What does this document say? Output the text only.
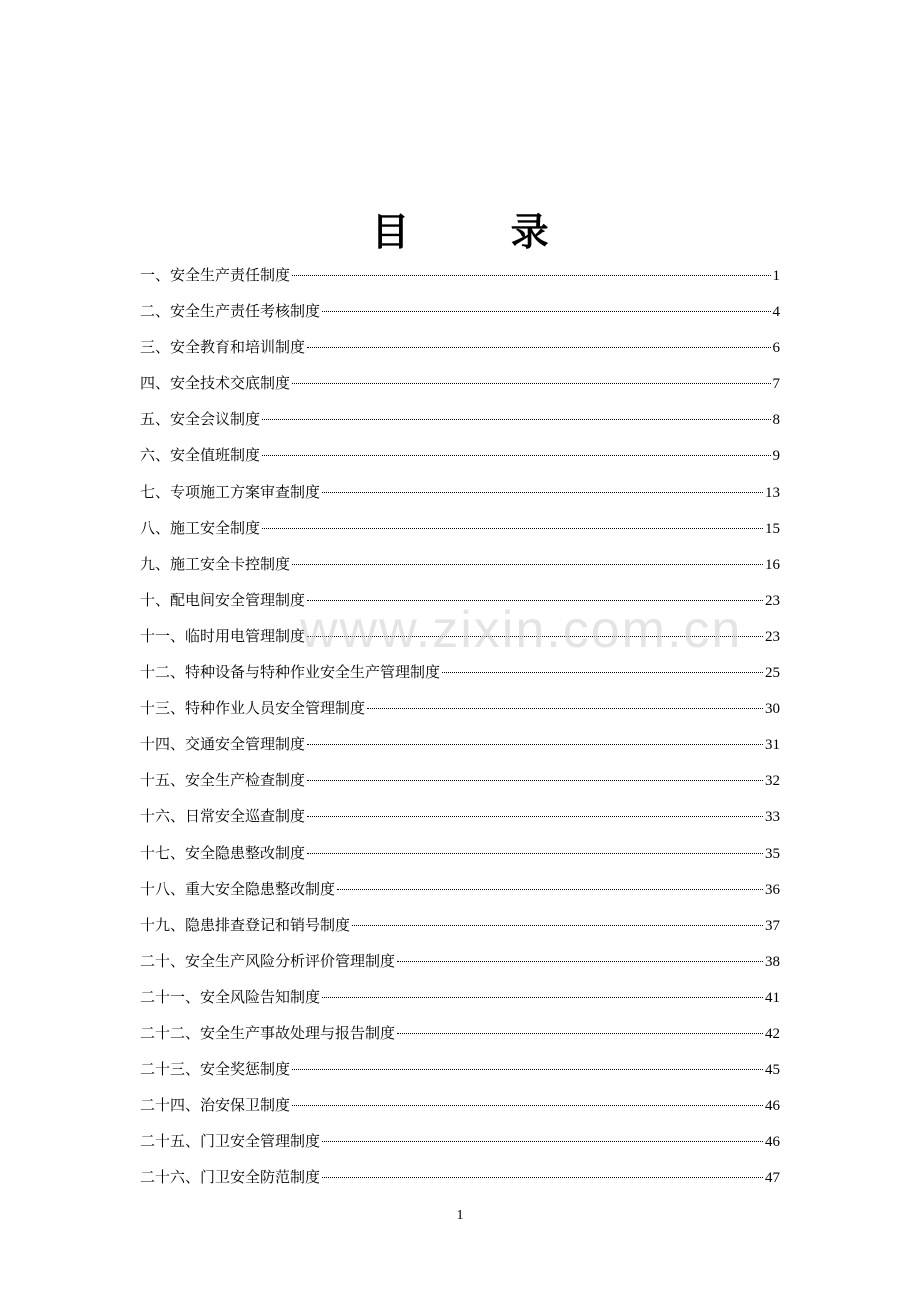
目 录
一、 安全生产责任制度	1
二、 安全生产责任考核制度	4
三、 安全教育和培训制度	6
四、 安全技术交底制度	7
五、 安全会议制度	8
六、 安全值班制度	9
七、 专项施工方案审查制度	13
八、 施工安全制度	15
九、 施工安全卡控制度	16
十、 配电间安全管理制度	23
十一、 临时用电管理制度	23
十二、 特种设备与特种作业安全生产管理制度	25
十三、 特种作业人员安全管理制度	30
十四、 交通安全管理制度	31
十五、 安全生产检查制度	32
十六、 日常安全巡查制度	33
十七、 安全隐患整改制度	35
十八、 重大安全隐患整改制度	36
十九、 隐患排查登记和销号制度	37
二十、 安全生产风险分析评价管理制度	38
二十一、 安全风险告知制度	41
二十二、 安全生产事故处理与报告制度	42
二十三、 安全奖惩制度	45
二十四、 治安保卫制度	46
二十五、 门卫安全管理制度	46
二十六、 门卫安全防范制度	47
www.zixin.com.cn
1
